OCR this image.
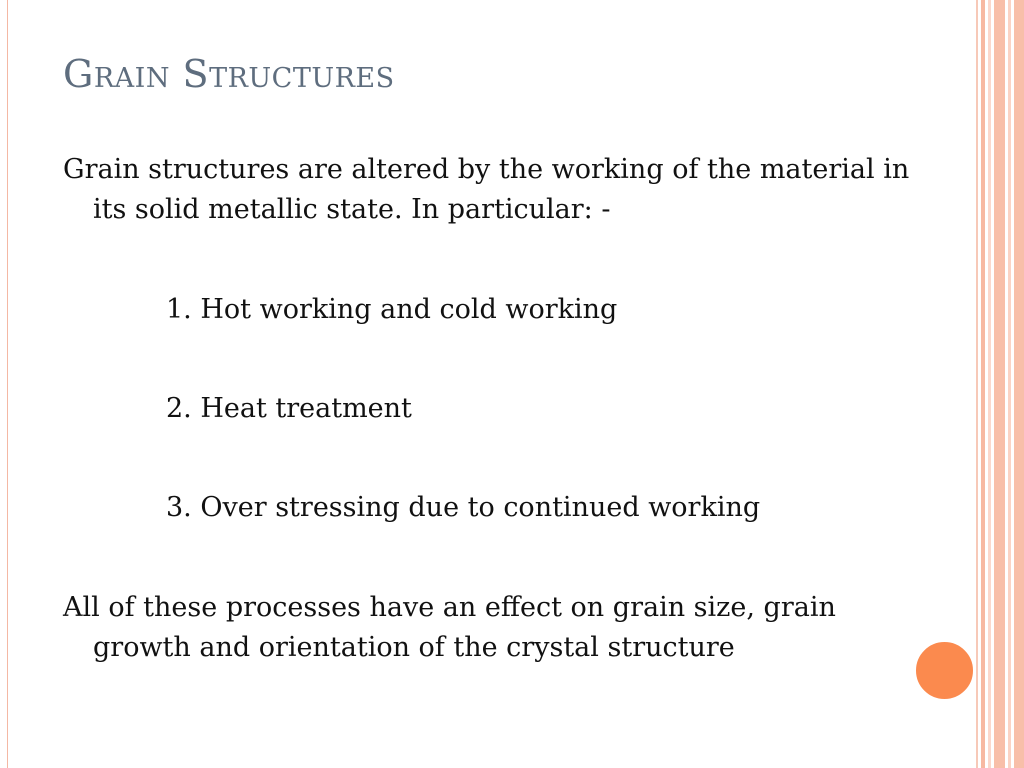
Grain Structures

Grain structures are altered by the working of the material in its solid metallic state. In particular: -

1. Hot working and cold working

2. Heat treatment

3. Over stressing due to continued working

All of these processes have an effect on grain size, grain growth and orientation of the crystal structure
